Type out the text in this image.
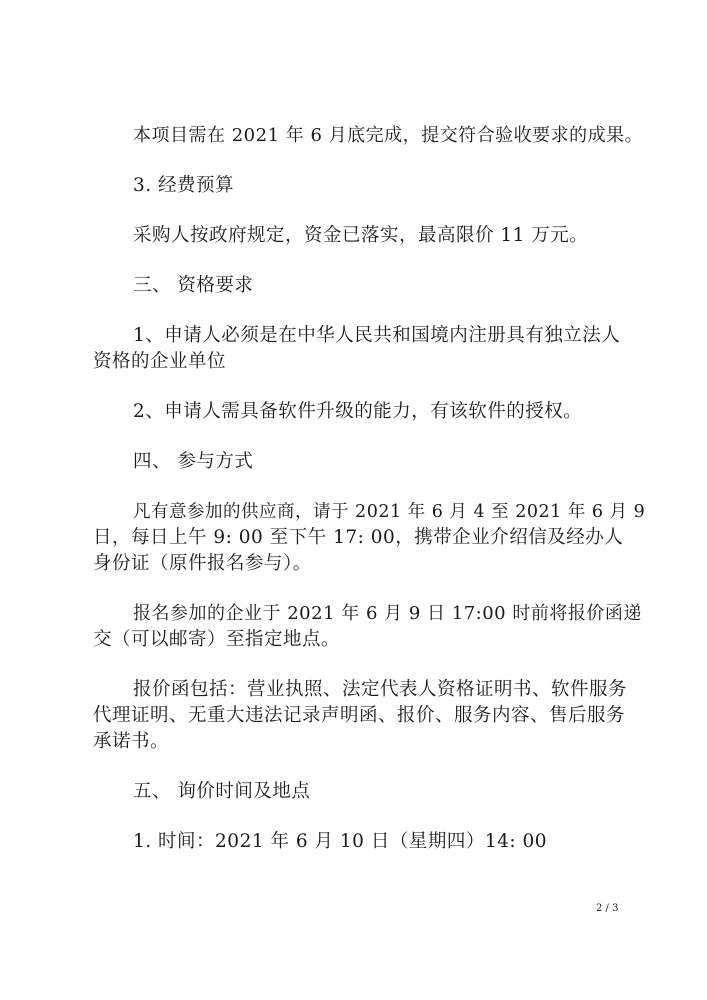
本项目需在 2021 年 6 月底完成，提交符合验收要求的成果。
3. 经费预算
采购人按政府规定，资金已落实，最高限价 11 万元。
三、 资格要求
1、申请人必须是在中华人民共和国境内注册具有独立法人
资格的企业单位
2、申请人需具备软件升级的能力，有该软件的授权。
四、 参与方式
凡有意参加的供应商，请于 2021 年 6 月 4 至 2021 年 6 月 9
日，每日上午 9: 00 至下午 17: 00，携带企业介绍信及经办人
身份证（原件报名参与）。
报名参加的企业于 2021 年 6 月 9 日 17:00 时前将报价函递
交（可以邮寄）至指定地点。
报价函包括：营业执照、法定代表人资格证明书、软件服务
代理证明、无重大违法记录声明函、报价、服务内容、售后服务
承诺书。
五、 询价时间及地点
1. 时间：2021 年 6 月 10 日（星期四）14: 00
2 / 3
